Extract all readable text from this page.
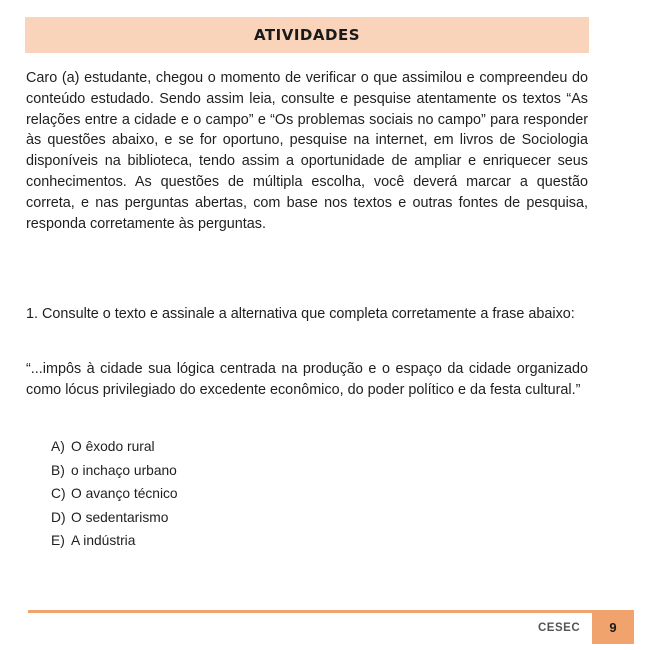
ATIVIDADES

Caro (a) estudante, chegou o momento de verificar o que assimilou e compreendeu do conteúdo estudado. Sendo assim leia, consulte e pesquise atentamente os textos “As relações entre a cidade e o campo” e “Os problemas sociais no campo” para responder às questões abaixo, e se for oportuno, pesquise na internet, em livros de Sociologia disponíveis na biblioteca, tendo assim a oportunidade de ampliar e enriquecer seus conhecimentos. As questões de múltipla escolha, você deverá marcar a questão correta, e nas perguntas abertas, com base nos textos e outras fontes de pesquisa, responda corretamente às perguntas.

1. Consulte o texto e assinale a alternativa que completa corretamente a frase abaixo:

“...impôs à cidade sua lógica centrada na produção e o espaço da cidade organizado como lócus privilegiado do excedente econômico, do poder político e da festa cultural.”

A) O êxodo rural
B) o inchaço urbano
C) O avanço técnico
D) O sedentarismo
E) A indústria
CESEC 9
